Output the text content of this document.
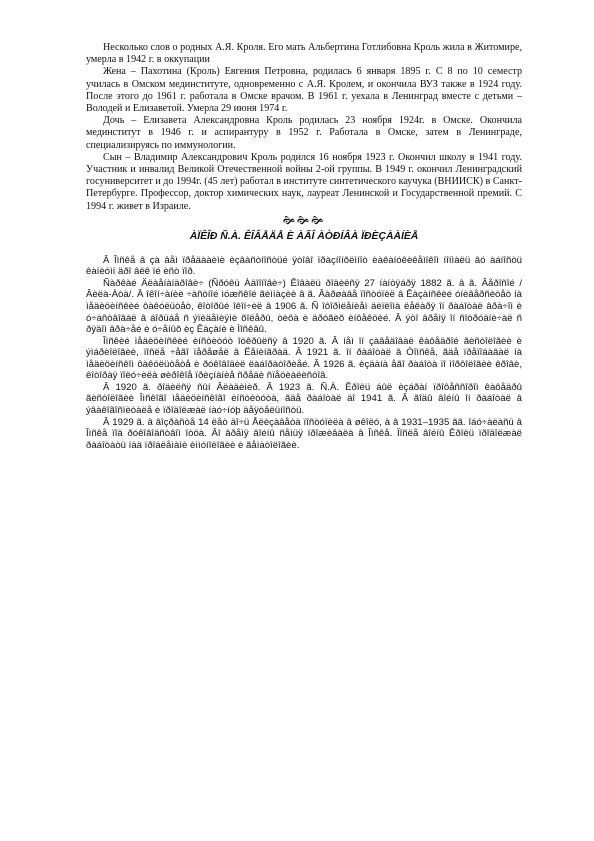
Несколько слов о родных А.Я. Кроля. Его мать Альбертина Готлибовна Кроль жила в Житомире, умерла в 1942 г. в оккупации

Жена – Пахотина (Кроль) Евгения Петровна, родилась 6 января 1895 г. С 8 по 10 семестр училась в Омском мединституте, одновременно с А.Я. Кролем, и окончила ВУЗ также в 1924 году. После этого до 1961 г. работала в Омске врачом. В 1961 г. уехала в Ленинград вместе с детьми – Володей и Елизаветой. Умерла 29 июня 1974 г.

Дочь – Елизавета Александровна Кроль родилась 23 ноября 1924г. в Омске. Окончила мединститут в 1946 г. и аспирантуру в 1952 г. Работала в Омске, затем в Ленинграде, специализируясь по иммунологии.

Сын – Владимир Александрович Кроль родился 16 ноября 1923 г. Окончил школу в 1941 году. Участник и инвалид Великой Отечественной войны 2-ой группы. В 1949 г. окончил Ленинградский госуниверситет и до 1994г. (45 лет) работал в институте синтетического каучука (ВНИИСК) в Санкт-Петербурге. Профессор, доктор химических наук, лауреат Ленинской и Государственной премий. С 1994 г. живет в Израиле.

🙞🙞🙞
ÀÏÊÎÐ Ñ.À. ÊÎÂÅÄÅ È ÀÃÎ ÀÒÐÍÂÀ ÏÐÈÇÀÀÍÈÅ

Â Îìñêå â çà âåì ïðåäààèìè èçâàñòíîñòüé ÿòîâî ïðàçíîíõëìíîò èàêàíóêèêåìîêîì íîíìàëü âó àáíîñòü êàíèóìí äðî âëê ïé èñò ïîð.

Ñàðêàé Äëàåíàíäðîâè÷ (Ñðóêü Àäîîíîâè÷) Êîâàëü ðîäèëñÿ 27 íàíòÿáðÿ 1882 ã. â ã. Âåðîñîé /Âèëà-Àòà/. Â îêîí÷àíèè ÷àñòíîé ìóæñêîé ãèìíàçèè â ã. Âàðøàâå ïîñòóïèë â Êàçàíñêèé óíèâåðñèòåò íà ìåäèöèíñêèé ôàêóëüòåò, êîòîðûé îêîí÷èë â 1906 ã. Ñ îôîðìëåíèåì äèïëîìà ëåêàðÿ îí ðàáîòàë âðà÷îì è ó÷àñòâîâàë â áîðüáå ñ ýïèäåìèÿìè õîëåðû, òèôà è äðóãèõ èíôåêöèé. Â ýòî âðåìÿ îí ñîòðóäíè÷àë ñ ðÿäîì âðà÷åé è ó÷åíûõ èç Êàçàíè è Ìîñêâû.

Îìñêèé ìåäèöèíñêèé èíñòèòóò îòêðûëñÿ â 1920 ã. Â íåì îí çàâåäîâàë êàôåäðîé ãèñòîëîãèè è ýìáðèîëîãèè, ïîñëå ÷åãî ïåðåøåë â Ëåíèíãðàä. Â 1921 ã. îí ðàáîòàë â Òîìñêå, ãäå ïðåïîäàâàë íà ìåäèöèíñêîì ôàêóëüòåòå è ðóêîâîäèë ëàáîðàòîðèåé. Â 1926 ã. èçäàíà åãî ðàáîòà ïî ìîðôîëîãèè êðîâè, êîòîðàÿ ïîëó÷èëà øèðîêîå ïðèçíàíèå ñðåäè ñïåöèàëèñòîâ.

Â 1920 ã. ðîäèëñÿ ñûí Âëàäèìèð. Â 1923 ã. Ñ.À. Êðîëü áûë èçáðàí ïðîôåññîðîì êàôåäðû ãèñòîëîãèè Îìñêîãî ìåäèöèíñêîãî èíñòèòóòà, ãäå ðàáîòàë äî 1941 ã. Â ãîäû âîéíû îí ðàáîòàë â ýâàêîãîñïèòàëå è ïðîäîëæàë íàó÷íóþ äåÿòåëüíîñòü.

Â 1929 ã. â âîçðàñòå 14 ëåò äî÷ü Åëèçàâåòà ïîñòóïèëà â øêîëó, à â 1931–1935 ãã. îáó÷àëàñü â Îìñêå ïîä ðóêîâîäñòâîì îòöà. Âî âðåìÿ âîéíû ñåìüÿ ïðîæèâàëà â Îìñêå. Ïîñëå âîéíû Êðîëü ïðîäîëæàë ðàáîòàòü íàä ïðîáëåìàìè èììóíîëîãèè è ãåìàòîëîãèè.
